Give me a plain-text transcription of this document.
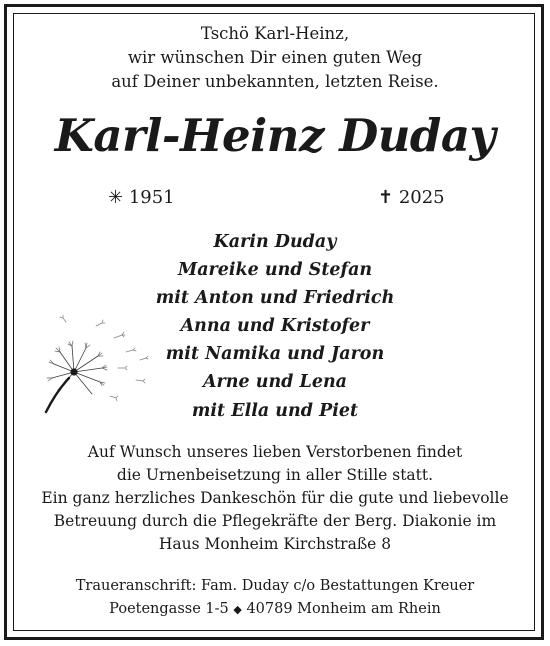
Tschö Karl-Heinz,
wir wünschen Dir einen guten Weg
auf Deiner unbekannten, letzten Reise.
Karl-Heinz Duday
✳ 1951	✝ 2025
Karin Duday
Mareike und Stefan
mit Anton und Friedrich
Anna und Kristofer
mit Namika und Jaron
Arne und Lena
mit Ella und Piet
Auf Wunsch unseres lieben Verstorbenen findet
die Urnenbeisetzung in aller Stille statt.
Ein ganz herzliches Dankeschön für die gute und liebevolle
Betreuung durch die Pflegekräfte der Berg. Diakonie im
Haus Monheim Kirchstraße 8
Traueranschrift: Fam. Duday c/o Bestattungen Kreuer
Poetengasse 1-5 ◆ 40789 Monheim am Rhein
